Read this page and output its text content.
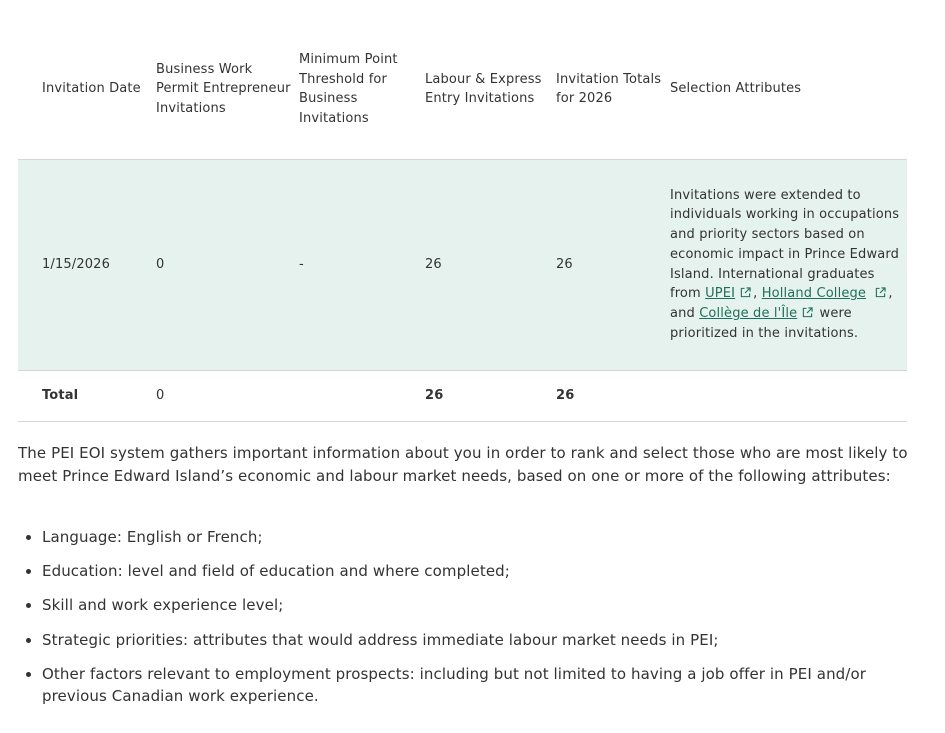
Invitation Date	Business Work Permit Entrepreneur Invitations	Minimum Point Threshold for Business Invitations	Labour & Express Entry Invitations	Invitation Totals for 2026	Selection Attributes
1/15/2026	0	-	26	26	Invitations were extended to individuals working in occupations and priority sectors based on economic impact in Prince Edward Island. International graduates from UPEI , Holland College , and Collège de l'Île were prioritized in the invitations.
Total	0		26	26	

The PEI EOI system gathers important information about you in order to rank and select those who are most likely to meet Prince Edward Island’s economic and labour market needs, based on one or more of the following attributes:

Language: English or French;
Education: level and field of education and where completed;
Skill and work experience level;
Strategic priorities: attributes that would address immediate labour market needs in PEI;
Other factors relevant to employment prospects: including but not limited to having a job offer in PEI and/or previous Canadian work experience.
